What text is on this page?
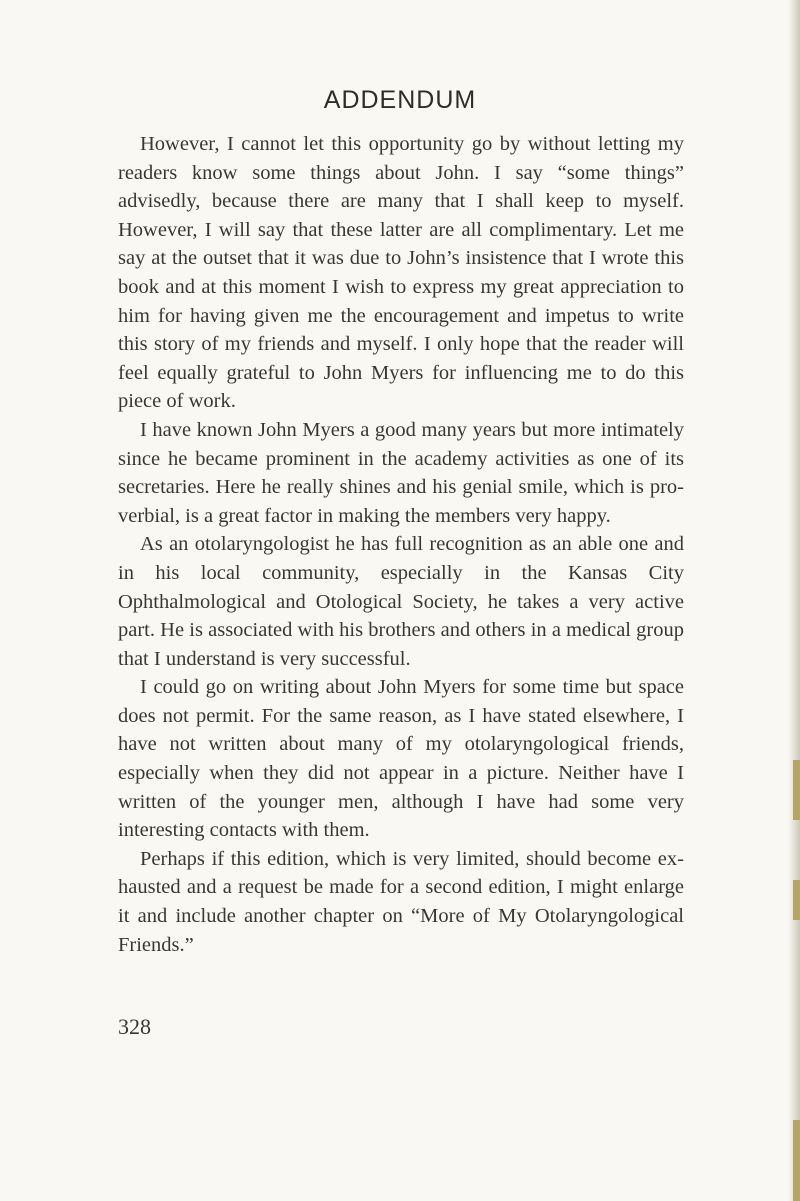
ADDENDUM

However, I cannot let this opportunity go by without letting my readers know some things about John. I say “some things” advisedly, because there are many that I shall keep to myself. However, I will say that these latter are all complimentary. Let me say at the outset that it was due to John’s insistence that I wrote this book and at this moment I wish to express my great appreciation to him for having given me the encouragement and impetus to write this story of my friends and myself. I only hope that the reader will feel equally grateful to John Myers for influencing me to do this piece of work.

I have known John Myers a good many years but more intimately since he became prominent in the academy activities as one of its secretaries. Here he really shines and his genial smile, which is pro-verbial, is a great factor in making the members very happy.

As an otolaryngologist he has full recognition as an able one and in his local community, especially in the Kansas City Ophthalmological and Otological Society, he takes a very active part. He is associated with his brothers and others in a medical group that I understand is very successful.

I could go on writing about John Myers for some time but space does not permit. For the same reason, as I have stated elsewhere, I have not written about many of my otolaryngological friends, especially when they did not appear in a picture. Neither have I written of the younger men, although I have had some very interesting contacts with them.

Perhaps if this edition, which is very limited, should become ex-hausted and a request be made for a second edition, I might enlarge it and include another chapter on “More of My Otolaryngological Friends.”

328
